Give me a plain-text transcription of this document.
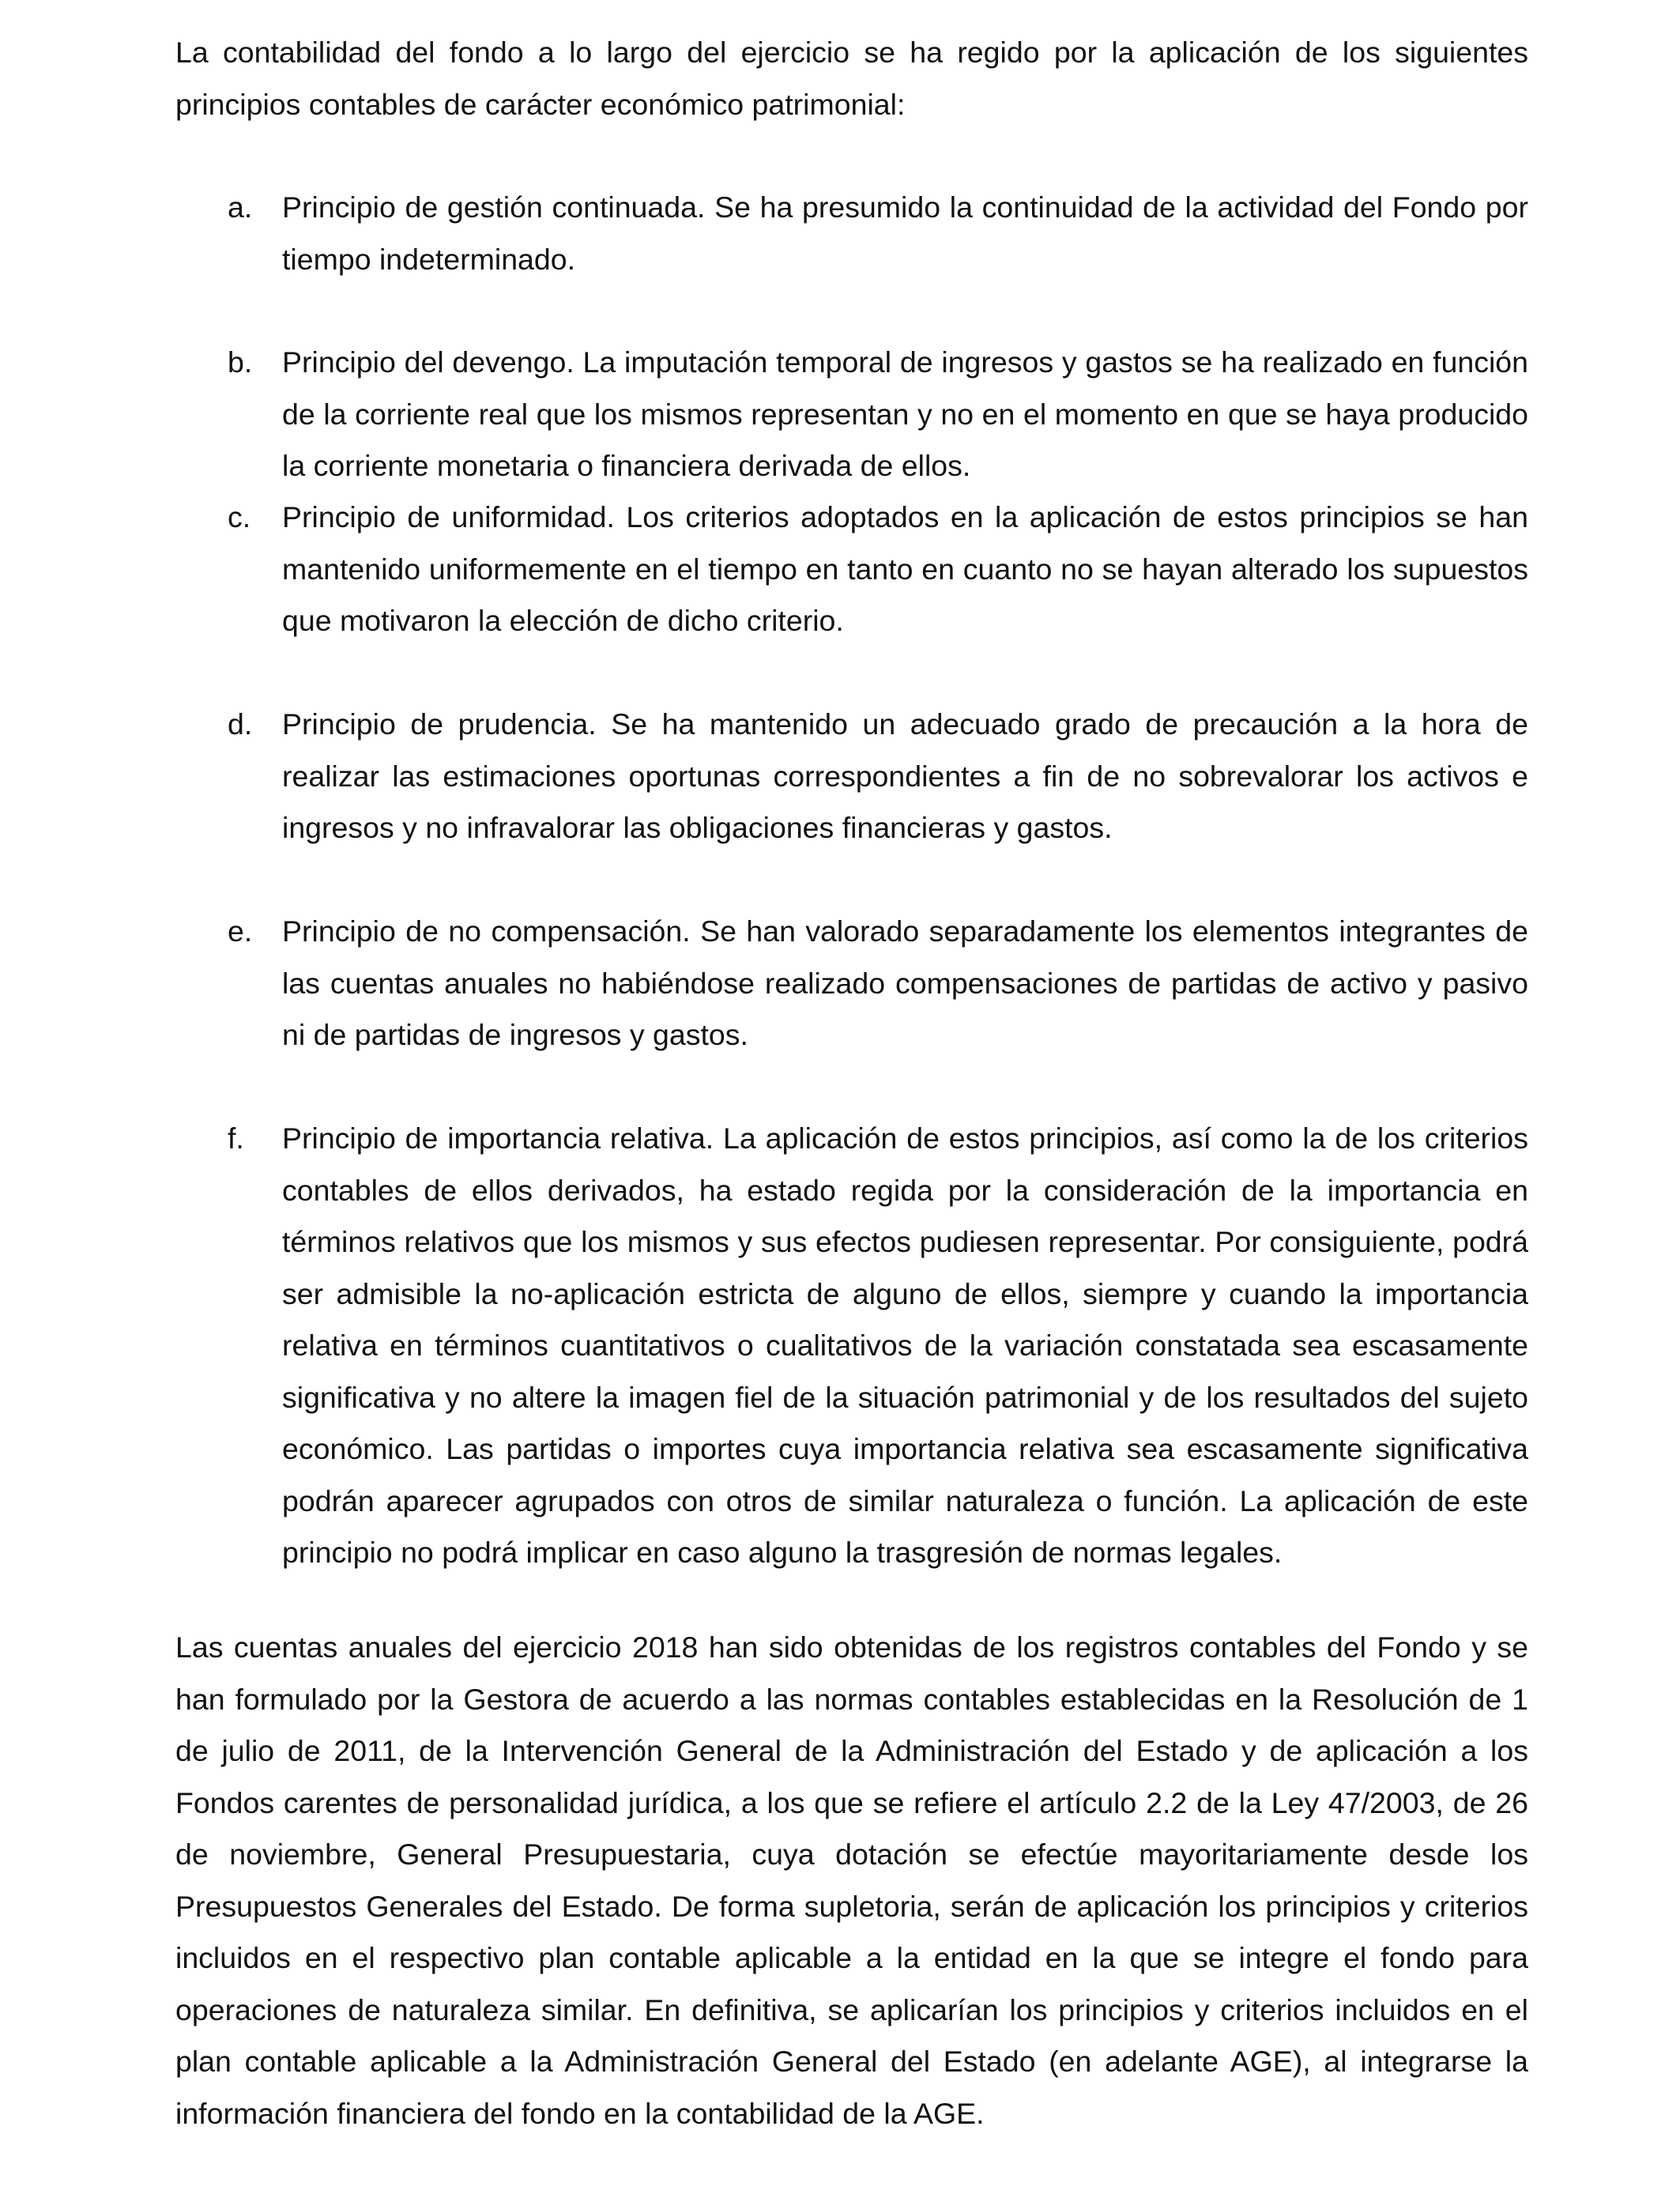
La contabilidad del fondo a lo largo del ejercicio se ha regido por la aplicación de los siguientes principios contables de carácter económico patrimonial:

a.	Principio de gestión continuada. Se ha presumido la continuidad de la actividad del Fondo por tiempo indeterminado.

b.	Principio del devengo. La imputación temporal de ingresos y gastos se ha realizado en función de la corriente real que los mismos representan y no en el momento en que se haya producido la corriente monetaria o financiera derivada de ellos.

c.	Principio de uniformidad. Los criterios adoptados en la aplicación de estos principios se han mantenido uniformemente en el tiempo en tanto en cuanto no se hayan alterado los supuestos que motivaron la elección de dicho criterio.

d.	Principio de prudencia. Se ha mantenido un adecuado grado de precaución a la hora de realizar las estimaciones oportunas correspondientes a fin de no sobrevalorar los activos e ingresos y no infravalorar las obligaciones financieras y gastos.

e.	Principio de no compensación. Se han valorado separadamente los elementos integrantes de las cuentas anuales no habiéndose realizado compensaciones de partidas de activo y pasivo ni de partidas de ingresos y gastos.

f.	Principio de importancia relativa. La aplicación de estos principios, así como la de los criterios contables de ellos derivados, ha estado regida por la consideración de la importancia en términos relativos que los mismos y sus efectos pudiesen representar. Por consiguiente, podrá ser admisible la no-aplicación estricta de alguno de ellos, siempre y cuando la importancia relativa en términos cuantitativos o cualitativos de la variación constatada sea escasamente significativa y no altere la imagen fiel de la situación patrimonial y de los resultados del sujeto económico. Las partidas o importes cuya importancia relativa sea escasamente significativa podrán aparecer agrupados con otros de similar naturaleza o función. La aplicación de este principio no podrá implicar en caso alguno la trasgresión de normas legales.

Las cuentas anuales del ejercicio 2018 han sido obtenidas de los registros contables del Fondo y se han formulado por la Gestora de acuerdo a las normas contables establecidas en la Resolución de 1 de julio de 2011, de la Intervención General de la Administración del Estado y de aplicación a los Fondos carentes de personalidad jurídica, a los que se refiere el artículo 2.2 de la Ley 47/2003, de 26 de noviembre, General Presupuestaria, cuya dotación se efectúe mayoritariamente desde los Presupuestos Generales del Estado. De forma supletoria, serán de aplicación los principios y criterios incluidos en el respectivo plan contable aplicable a la entidad en la que se integre el fondo para operaciones de naturaleza similar. En definitiva, se aplicarían los principios y criterios incluidos en el plan contable aplicable a la Administración General del Estado (en adelante AGE), al integrarse la información financiera del fondo en la contabilidad de la AGE.
